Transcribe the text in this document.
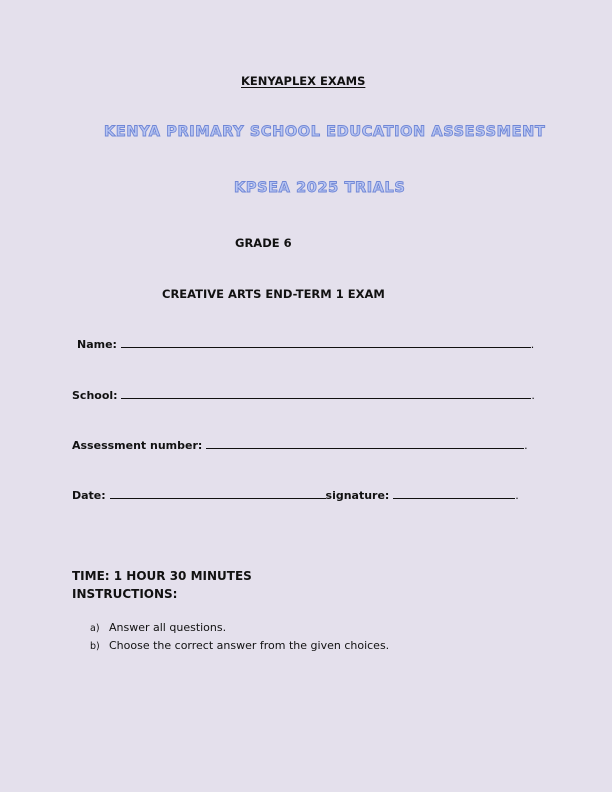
KENYAPLEX EXAMS
KENYA PRIMARY SCHOOL EDUCATION ASSESSMENT
KPSEA 2025 TRIALS
GRADE 6
CREATIVE ARTS END-TERM 1 EXAM
Name:	.
School:	.
Assessment number:	.
Date:	signature:	.
TIME: 1 HOUR 30 MINUTES
INSTRUCTIONS:
a) Answer all questions.
b) Choose the correct answer from the given choices.
